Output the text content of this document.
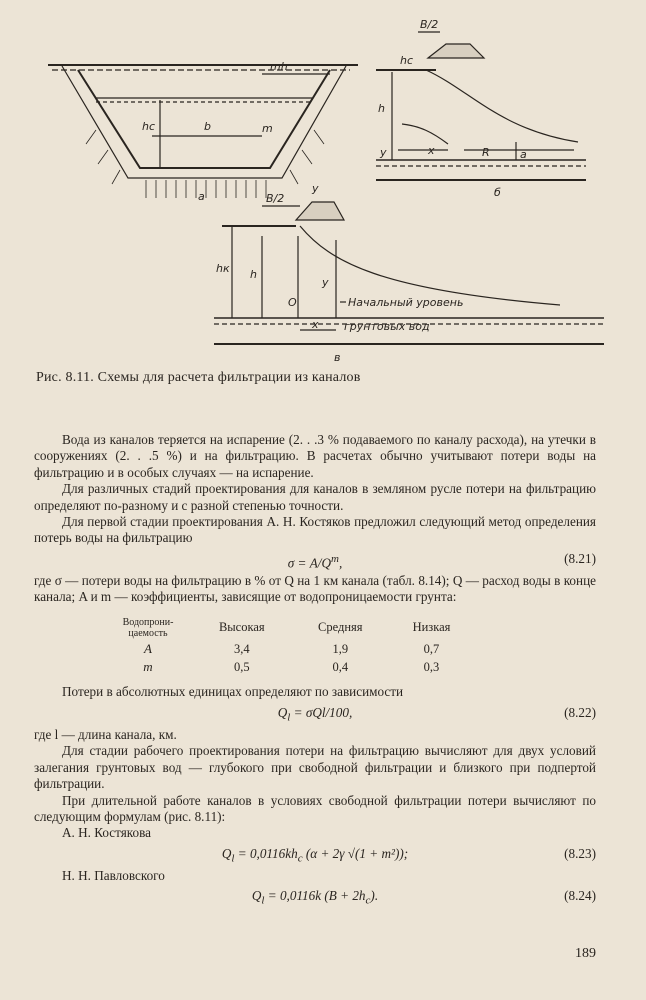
mh
hc	b	m
а
B/2
hc
h
y	x	R	a
б
B/2
y
hк h
y
O
x
в
Начальный уровень
грунтовых вод
Рис. 8.11. Схемы для расчета фильтрации из каналов

Вода из каналов теряется на испарение (2. . .3 % подаваемого по каналу расхода), на утечки в сооружениях (2. . .5 %) и на фильтрацию. В расчетах обычно учитывают потери воды на фильтрацию и в особых случаях — на испарение.

Для различных стадий проектирования для каналов в земляном русле потери на фильтрацию определяют по-разному и с разной степенью точности.

Для первой стадии проектирования А. Н. Костяков предложил следующий метод определения потерь воды на фильтрацию

$\sigma = A/Q^m$,	(8.21)

где σ — потери воды на фильтрацию в % от Q на 1 км канала (табл. 8.14); Q — расход воды в конце канала; A и m — коэффициенты, зависящие от водопроницаемости грунта:

Водопрони-цаемость	Высокая	Средняя	Низкая
A	3,4	1,9	0,7
m	0,5	0,4	0,3

Потери в абсолютных единицах определяют по зависимости

$Q_l = \sigma Ql/100$,	(8.22)

где l — длина канала, км.

Для стадии рабочего проектирования потери на фильтрацию вычисляют для двух условий залегания грунтовых вод — глубокого при свободной фильтрации и близкого при подпертой фильтрации.

При длительной работе каналов в условиях свободной фильтрации потери вычисляют по следующим формулам (рис. 8.11):

А. Н. Костякова

$Q_l = 0,0116kh_c$ (α + 2γ √(1 + m²));	(8.23)

Н. Н. Павловского

$Q_l = 0,0116k$ $(B + 2h_c)$.	(8.24)
189
